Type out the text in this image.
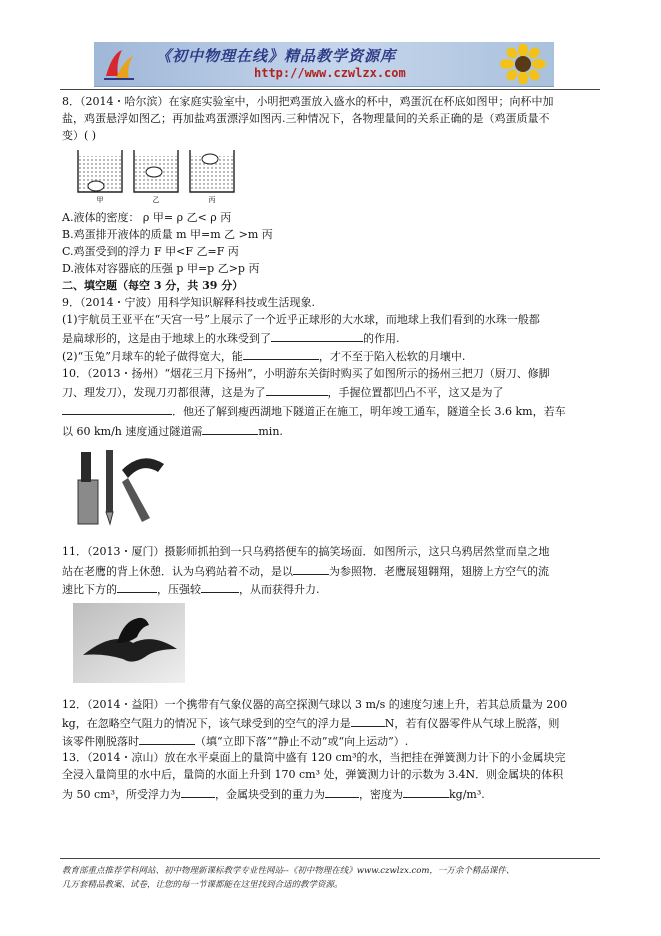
《初中物理在线》精品教学资源库
http://www.czwlzx.com
8．（2014・哈尔滨）在家庭实验室中，小明把鸡蛋放入盛水的杯中，鸡蛋沉在杯底如图甲；向杯中加
盐，鸡蛋悬浮如图乙；再加盐鸡蛋漂浮如图丙.三种情况下，各物理量间的关系正确的是（鸡蛋质量不
变）( )
甲	乙	丙
A.液体的密度： ρ 甲= ρ 乙< ρ 丙
B.鸡蛋排开液体的质量 m 甲=m 乙 >m 丙
C.鸡蛋受到的浮力 F 甲<F 乙=F 丙
D.液体对容器底的压强 p 甲=p 乙>p 丙
二、填空题（每空 3 分，共 39 分）
9．（2014・宁波）用科学知识解释科技或生活现象.
(1)宇航员王亚平在“天宫一号”上展示了一个近乎正球形的大水球，而地球上我们看到的水珠一般都
是扁球形的，这是由于地球上的水珠受到了	的作用.
(2)“玉兔”月球车的轮子做得宽大，能	，才不至于陷入松软的月壤中.
10．（2013・扬州）“烟花三月下扬州”，小明游东关街时购买了如图所示的扬州三把刀（厨刀、修脚
刀、理发刀），发现刀刃都很薄，这是为了	，手握位置都凹凸不平，这又是为了
．他还了解到瘦西湖地下隧道正在施工，明年竣工通车，隧道全长 3.6 km，若车
以 60 km/h 速度通过隧道需	min.
11．（2013・厦门）摄影师抓拍到一只乌鸦搭便车的搞笑场面．如图所示，这只乌鸦居然堂而皇之地
站在老鹰的背上休憩．认为乌鸦站着不动，是以	为参照物．老鹰展翅翱翔，翅膀上方空气的流
速比下方的	，压强较	，从而获得升力.
12．（2014・益阳）一个携带有气象仪器的高空探测气球以 3 m/s 的速度匀速上升，若其总质量为 200
kg，在忽略空气阻力的情况下，该气球受到的空气的浮力是	N，若有仪器零件从气球上脱落，则
该零件刚脱落时	（填“立即下落”“静止不动”或“向上运动”）.
13．（2014・凉山）放在水平桌面上的量筒中盛有 120 cm³的水，当把挂在弹簧测力计下的小金属块完
全浸入量筒里的水中后，量筒的水面上升到 170 cm³ 处，弹簧测力计的示数为 3.4N．则金属块的体积
为 50 cm³，所受浮力为	，金属块受到的重力为	，密度为	kg/m³.
教育部重点推荐学科网站、初中物理新课标教学专业性网站--《初中物理在线》www.czwlzx.com，一万余个精品课件、
几万套精品教案、试卷，让您的每一节课都能在这里找到合适的教学资源。
